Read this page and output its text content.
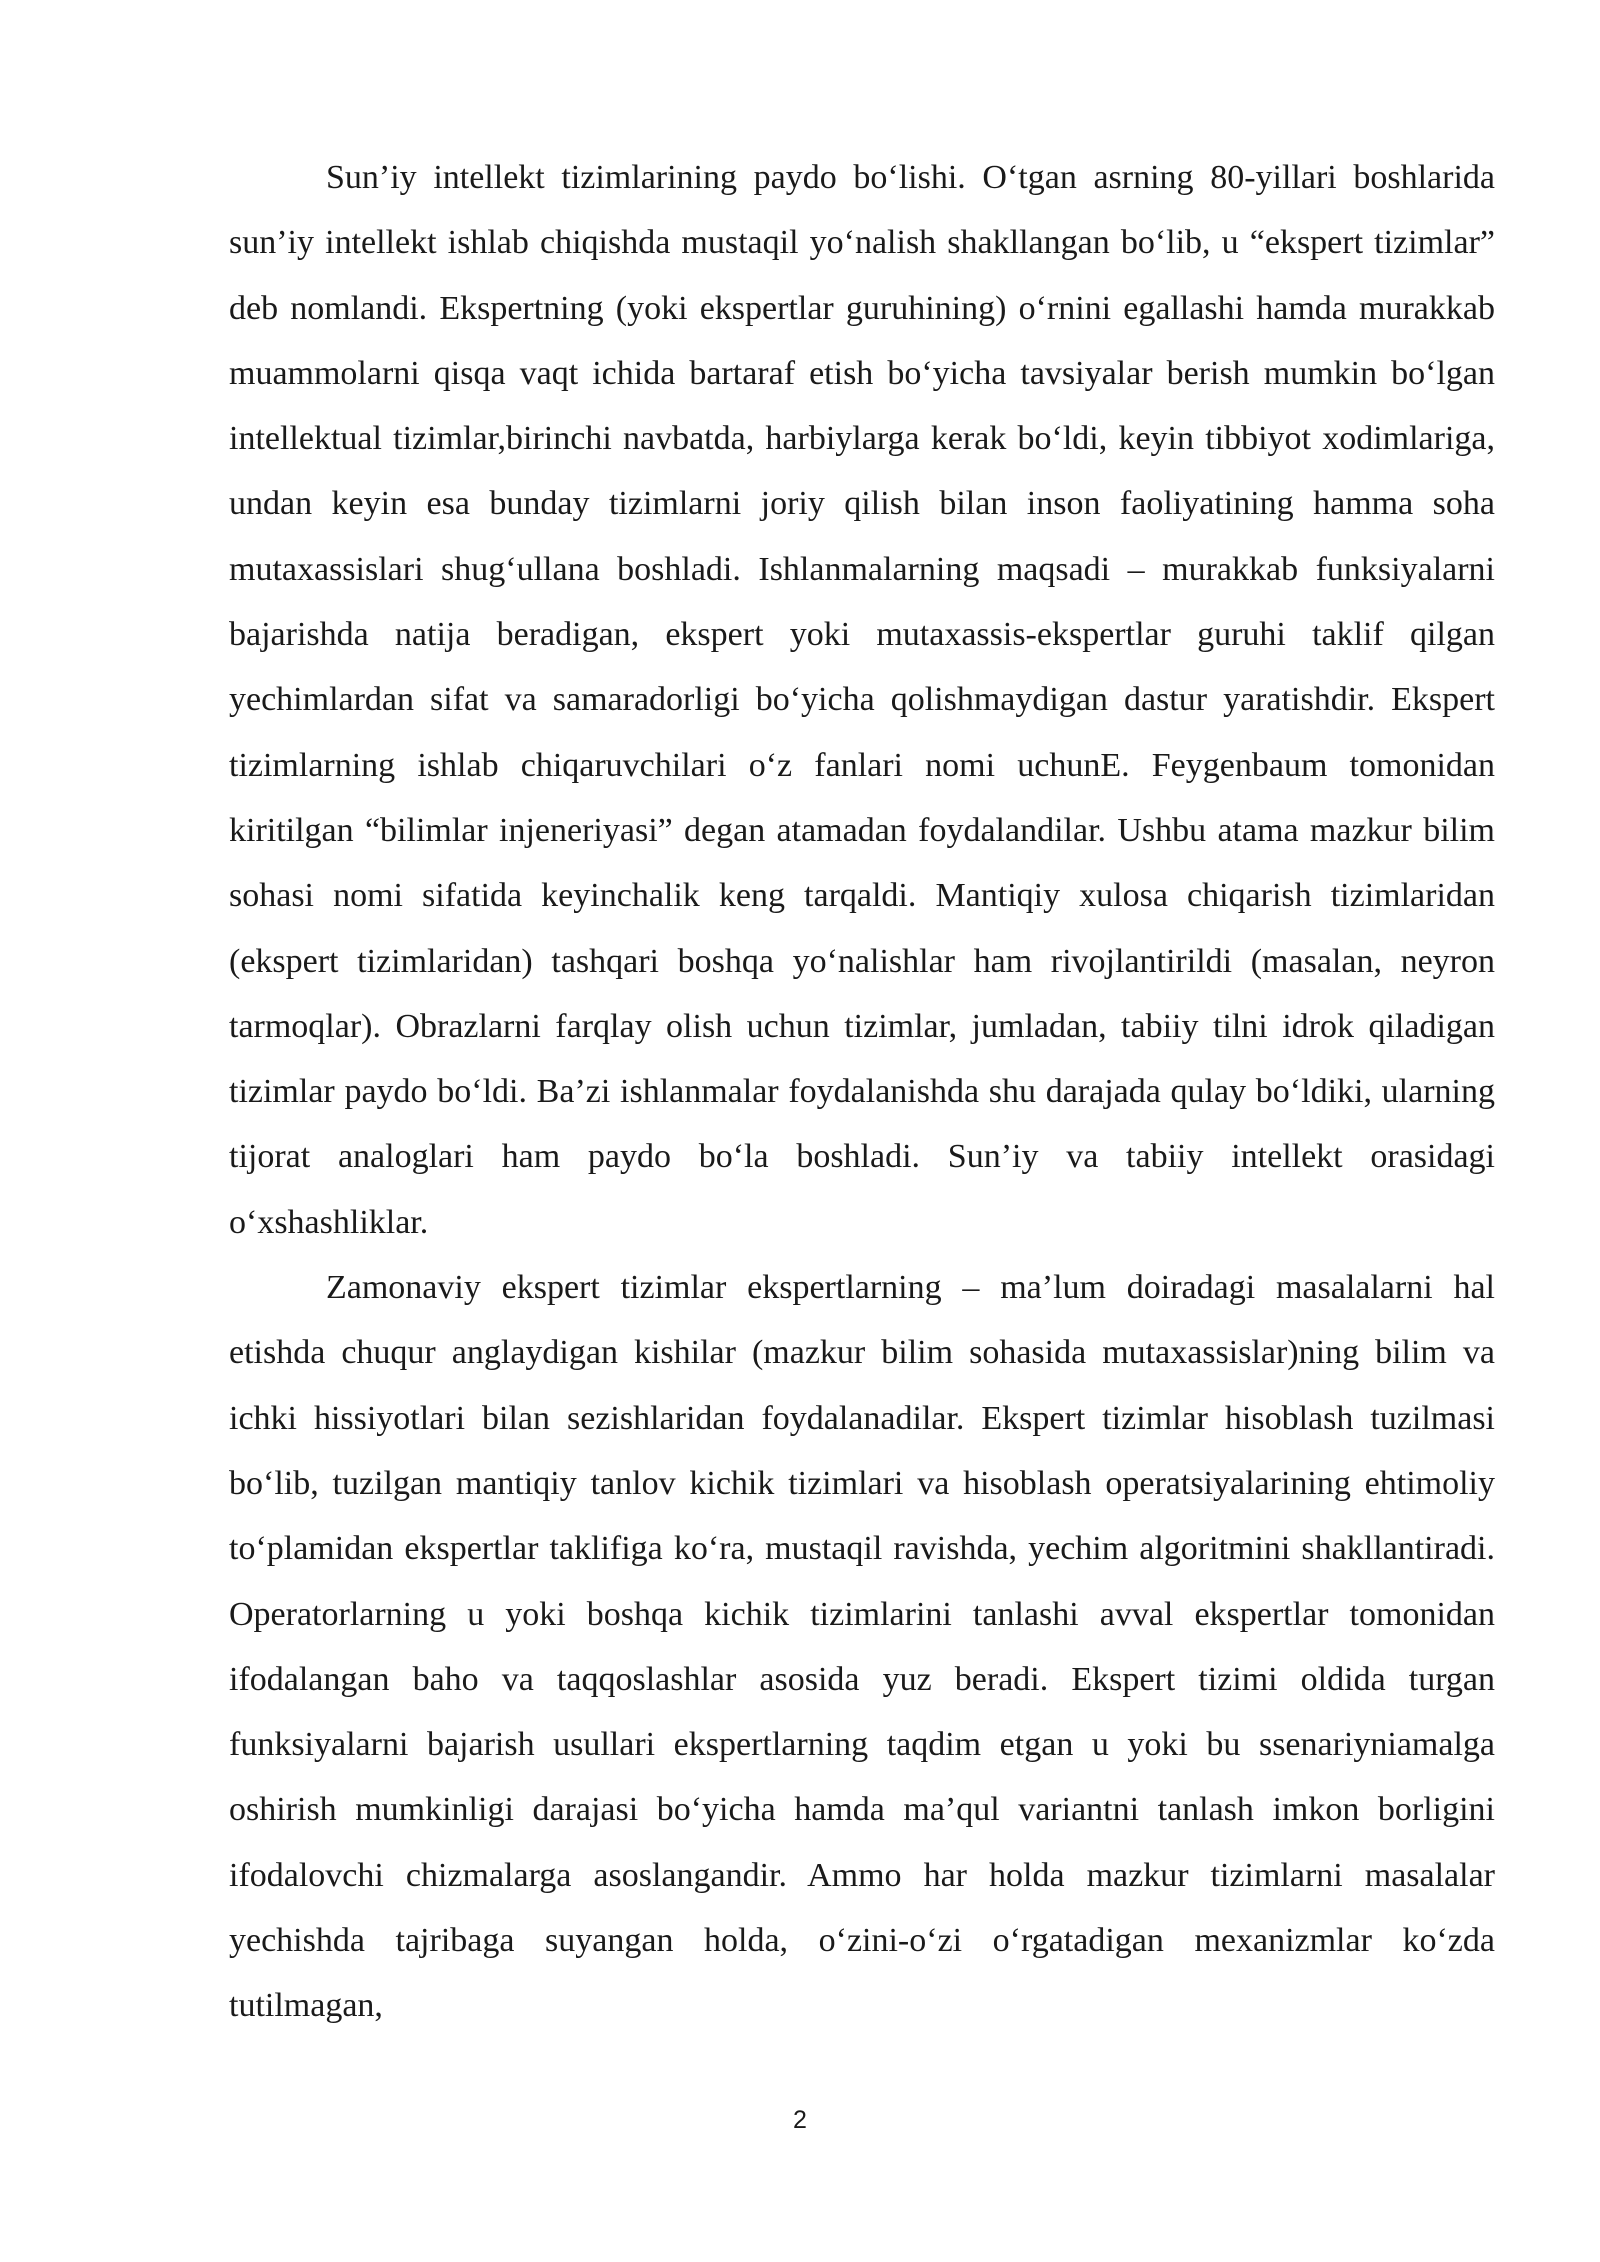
Sun’iy intellekt tizimlarining paydo bo‘lishi. O‘tgan asrning 80-yillari boshlarida sun’iy intellekt ishlab chiqishda mustaqil yo‘nalish shakllangan bo‘lib, u “ekspert tizimlar” deb nomlandi. Ekspertning (yoki ekspertlar guruhining) o‘rnini egallashi hamda murakkab muammolarni qisqa vaqt ichida bartaraf etish bo‘yicha tavsiyalar berish mumkin bo‘lgan intellektual tizimlar,birinchi navbatda, harbiylarga kerak bo‘ldi, keyin tibbiyot xodimlariga, undan keyin esa bunday tizimlarni joriy qilish bilan inson faoliyatining hamma soha mutaxassislari shug‘ullana boshladi. Ishlanmalarning maqsadi – murakkab funksiyalarni bajarishda natija beradigan, ekspert yoki mutaxassis-ekspertlar guruhi taklif qilgan yechimlardan sifat va samaradorligi bo‘yicha qolishmaydigan dastur yaratishdir. Ekspert tizimlarning ishlab chiqaruvchilari o‘z fanlari nomi uchunE. Feygenbaum tomonidan kiritilgan “bilimlar injeneriyasi” degan atamadan foydalandilar. Ushbu atama mazkur bilim sohasi nomi sifatida keyinchalik keng tarqaldi. Mantiqiy xulosa chiqarish tizimlaridan (ekspert tizimlaridan) tashqari boshqa yo‘nalishlar ham rivojlantirildi (masalan, neyron tarmoqlar). Obrazlarni farqlay olish uchun tizimlar, jumladan, tabiiy tilni idrok qiladigan tizimlar paydo bo‘ldi. Ba’zi ishlanmalar foydalanishda shu darajada qulay bo‘ldiki, ularning tijorat analoglari ham paydo bo‘la boshladi. Sun’iy va tabiiy intellekt orasidagi o‘xshashliklar.

Zamonaviy ekspert tizimlar ekspertlarning – ma’lum doiradagi masalalarni hal etishda chuqur anglaydigan kishilar (mazkur bilim sohasida mutaxassislar)ning bilim va ichki hissiyotlari bilan sezishlaridan foydalanadilar. Ekspert tizimlar hisoblash tuzilmasi bo‘lib, tuzilgan mantiqiy tanlov kichik tizimlari va hisoblash operatsiyalarining ehtimoliy to‘plamidan ekspertlar taklifiga ko‘ra, mustaqil ravishda, yechim algoritmini shakllantiradi. Operatorlarning u yoki boshqa kichik tizimlarini tanlashi avval ekspertlar tomonidan ifodalangan baho va taqqoslashlar asosida yuz beradi. Ekspert tizimi oldida turgan funksiyalarni bajarish usullari ekspertlarning taqdim etgan u yoki bu ssenariyniamalga oshirish mumkinligi darajasi bo‘yicha hamda ma’qul variantni tanlash imkon borligini ifodalovchi chizmalarga asoslangandir. Ammo har holda mazkur tizimlarni masalalar yechishda tajribaga suyangan holda, o‘zini-o‘zi o‘rgatadigan mexanizmlar ko‘zda tutilmagan,

2
